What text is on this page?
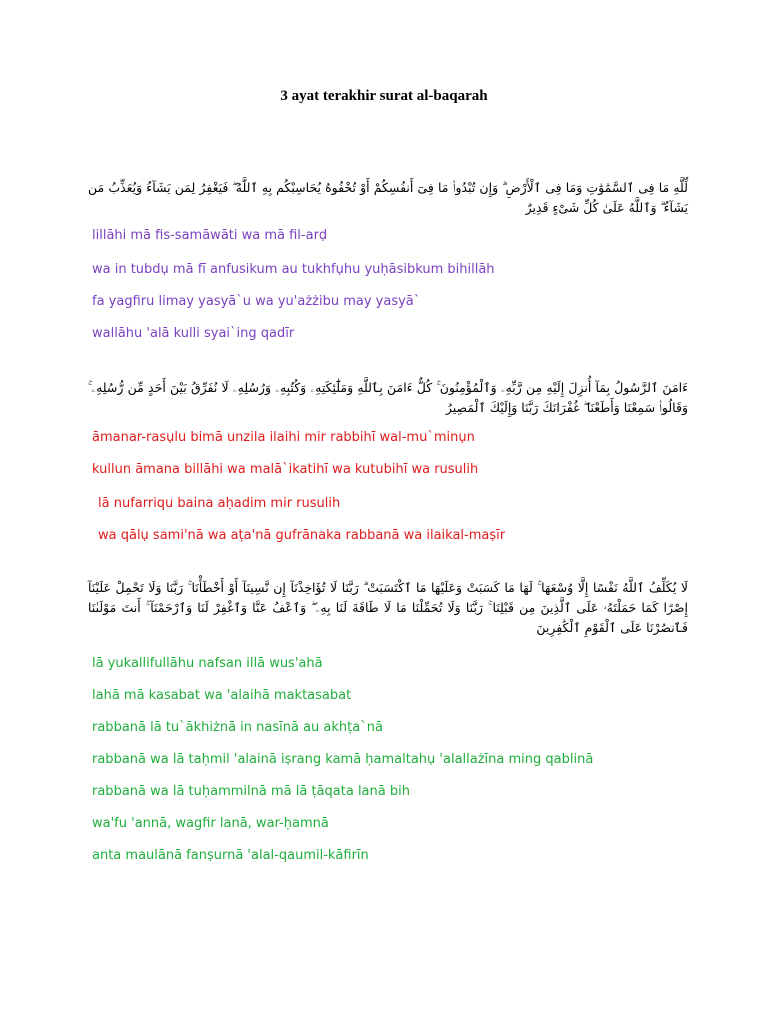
3 ayat terakhir surat al-baqarah
لِّلَّهِ مَا فِى ٱلسَّمَٰوَٰتِ وَمَا فِى ٱلْأَرْضِ ۗ وَإِن تُبْدُوا۟ مَا فِىٓ أَنفُسِكُمْ أَوْ تُخْفُوهُ يُحَاسِبْكُم بِهِ ٱللَّهُ ۖ فَيَغْفِرُ لِمَن يَشَآءُ وَيُعَذِّبُ مَن يَشَآءُ ۗ وَٱللَّهُ عَلَىٰ كُلِّ شَىْءٍ قَدِيرٌ
lillāhi mā fis-samāwāti wa mā fil-arḍ
wa in tubdụ mā fī anfusikum au tukhfụhu yuḥāsibkum bihillāh
fa yagfiru limay yasyā`u wa yu'ażżibu may yasyā`
wallāhu 'alā kulli syai`ing qadīr
ءَامَنَ ٱلرَّسُولُ بِمَآ أُنزِلَ إِلَيْهِ مِن رَّبِّهِۦ وَٱلْمُؤْمِنُونَ ۚ كُلٌّ ءَامَنَ بِٱللَّهِ وَمَلَٰٓئِكَتِهِۦ وَكُتُبِهِۦ وَرُسُلِهِۦ لَا نُفَرِّقُ بَيْنَ أَحَدٍ مِّن رُّسُلِهِۦ ۚ وَقَالُوا۟ سَمِعْنَا وَأَطَعْنَا ۖ غُفْرَانَكَ رَبَّنَا وَإِلَيْكَ ٱلْمَصِيرُ
āmanar-rasụlu bimā unzila ilaihi mir rabbihī wal-mu`minụn
kullun āmana billāhi wa malā`ikatihī wa kutubihī wa rusulih
lā nufarriqu baina aḥadim mir rusulih
wa qālụ sami'nā wa aṭa'nā gufrānaka rabbanā wa ilaikal-maṣīr
لَا يُكَلِّفُ ٱللَّهُ نَفْسًا إِلَّا وُسْعَهَا ۚ لَهَا مَا كَسَبَتْ وَعَلَيْهَا مَا ٱكْتَسَبَتْ ۗ رَبَّنَا لَا تُؤَاخِذْنَآ إِن نَّسِينَآ أَوْ أَخْطَأْنَا ۚ رَبَّنَا وَلَا تَحْمِلْ عَلَيْنَآ إِصْرًا كَمَا حَمَلْتَهُۥ عَلَى ٱلَّذِينَ مِن قَبْلِنَا ۚ رَبَّنَا وَلَا تُحَمِّلْنَا مَا لَا طَاقَةَ لَنَا بِهِۦ ۖ وَٱعْفُ عَنَّا وَٱغْفِرْ لَنَا وَٱرْحَمْنَآ ۚ أَنتَ مَوْلَىٰنَا فَٱنصُرْنَا عَلَى ٱلْقَوْمِ ٱلْكَٰفِرِينَ
lā yukallifullāhu nafsan illā wus'ahā
lahā mā kasabat wa 'alaihā maktasabat
rabbanā lā tu`ākhiżnā in nasīnā au akhṭa`nā
rabbanā wa lā taḥmil 'alainā iṣrang kamā ḥamaltahụ 'alallażīna ming qablinā
rabbanā wa lā tuḥammilnā mā lā ṭāqata lanā bih
wa'fu 'annā, wagfir lanā, war-ḥamnā
anta maulānā fanṣurnā 'alal-qaumil-kāfirīn
